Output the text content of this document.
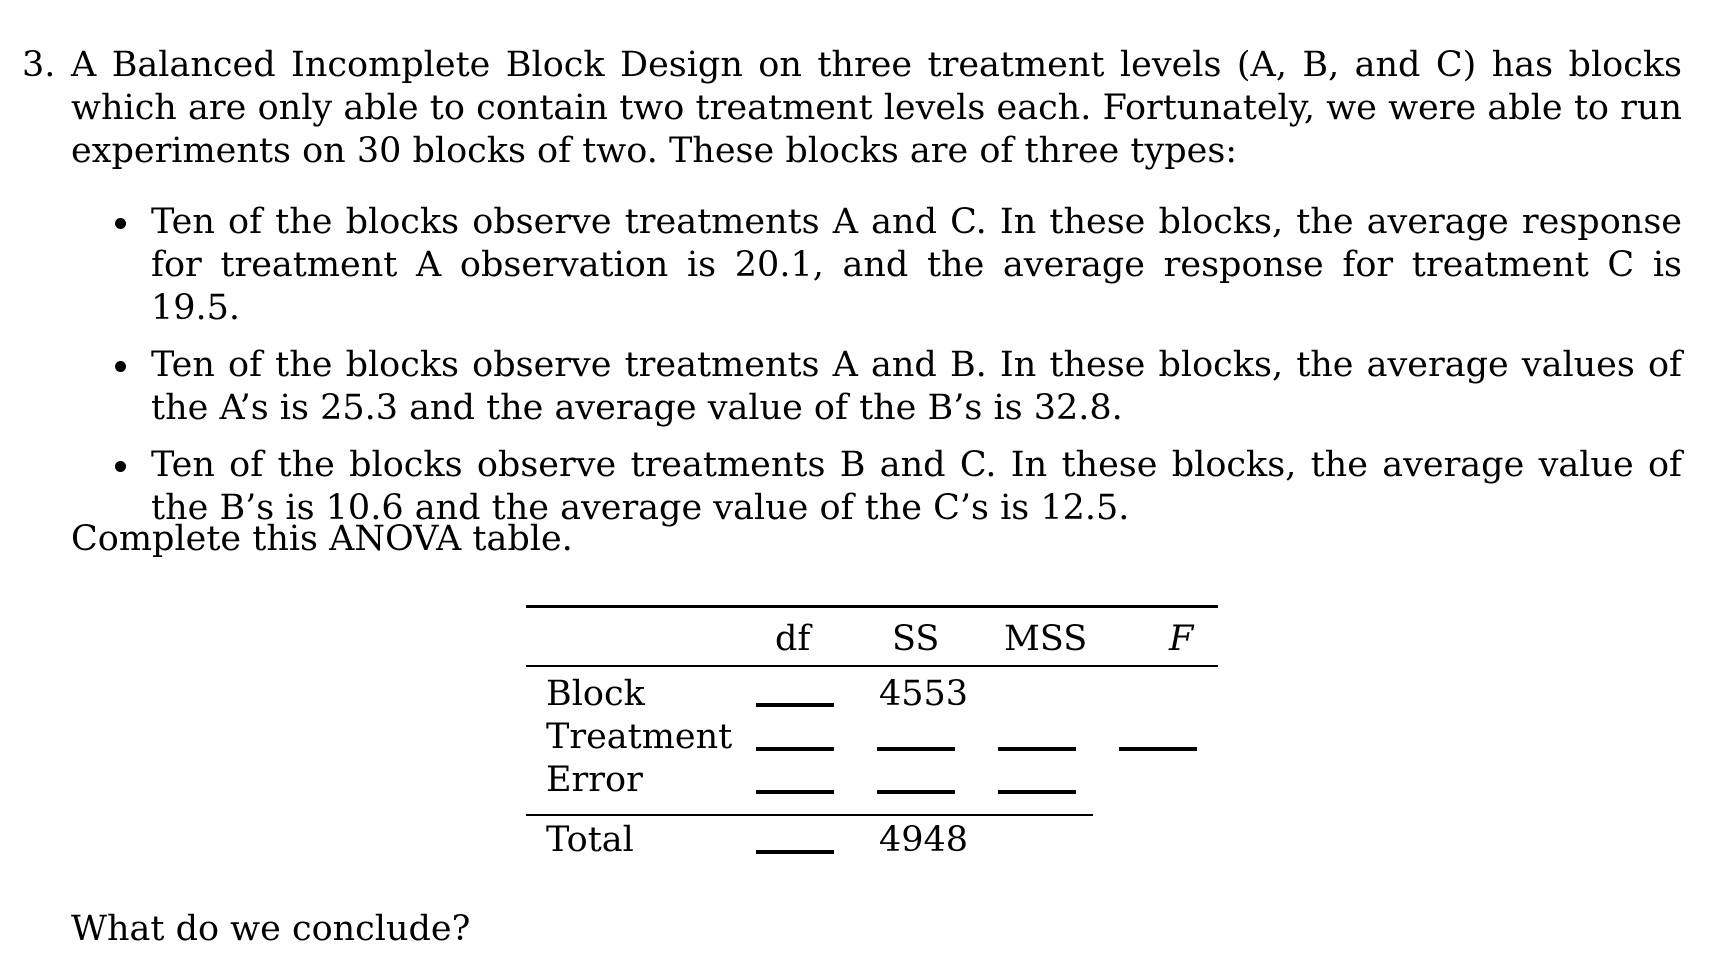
3. A Balanced Incomplete Block Design on three treatment levels (A, B, and C) has blocks which are only able to contain two treatment levels each. Fortunately, we were able to run experiments on 30 blocks of two. These blocks are of three types:

Ten of the blocks observe treatments A and C. In these blocks, the average response for treatment A observation is 20.1, and the average response for treatment C is 19.5.
Ten of the blocks observe treatments A and B. In these blocks, the average values of the A’s is 25.3 and the average value of the B’s is 32.8.
Ten of the blocks observe treatments B and C. In these blocks, the average value of the B’s is 10.6 and the average value of the C’s is 12.5.
Complete this ANOVA table.
df SS MSS F
Block	4553
Treatment
Error
Total	4948
What do we conclude?
